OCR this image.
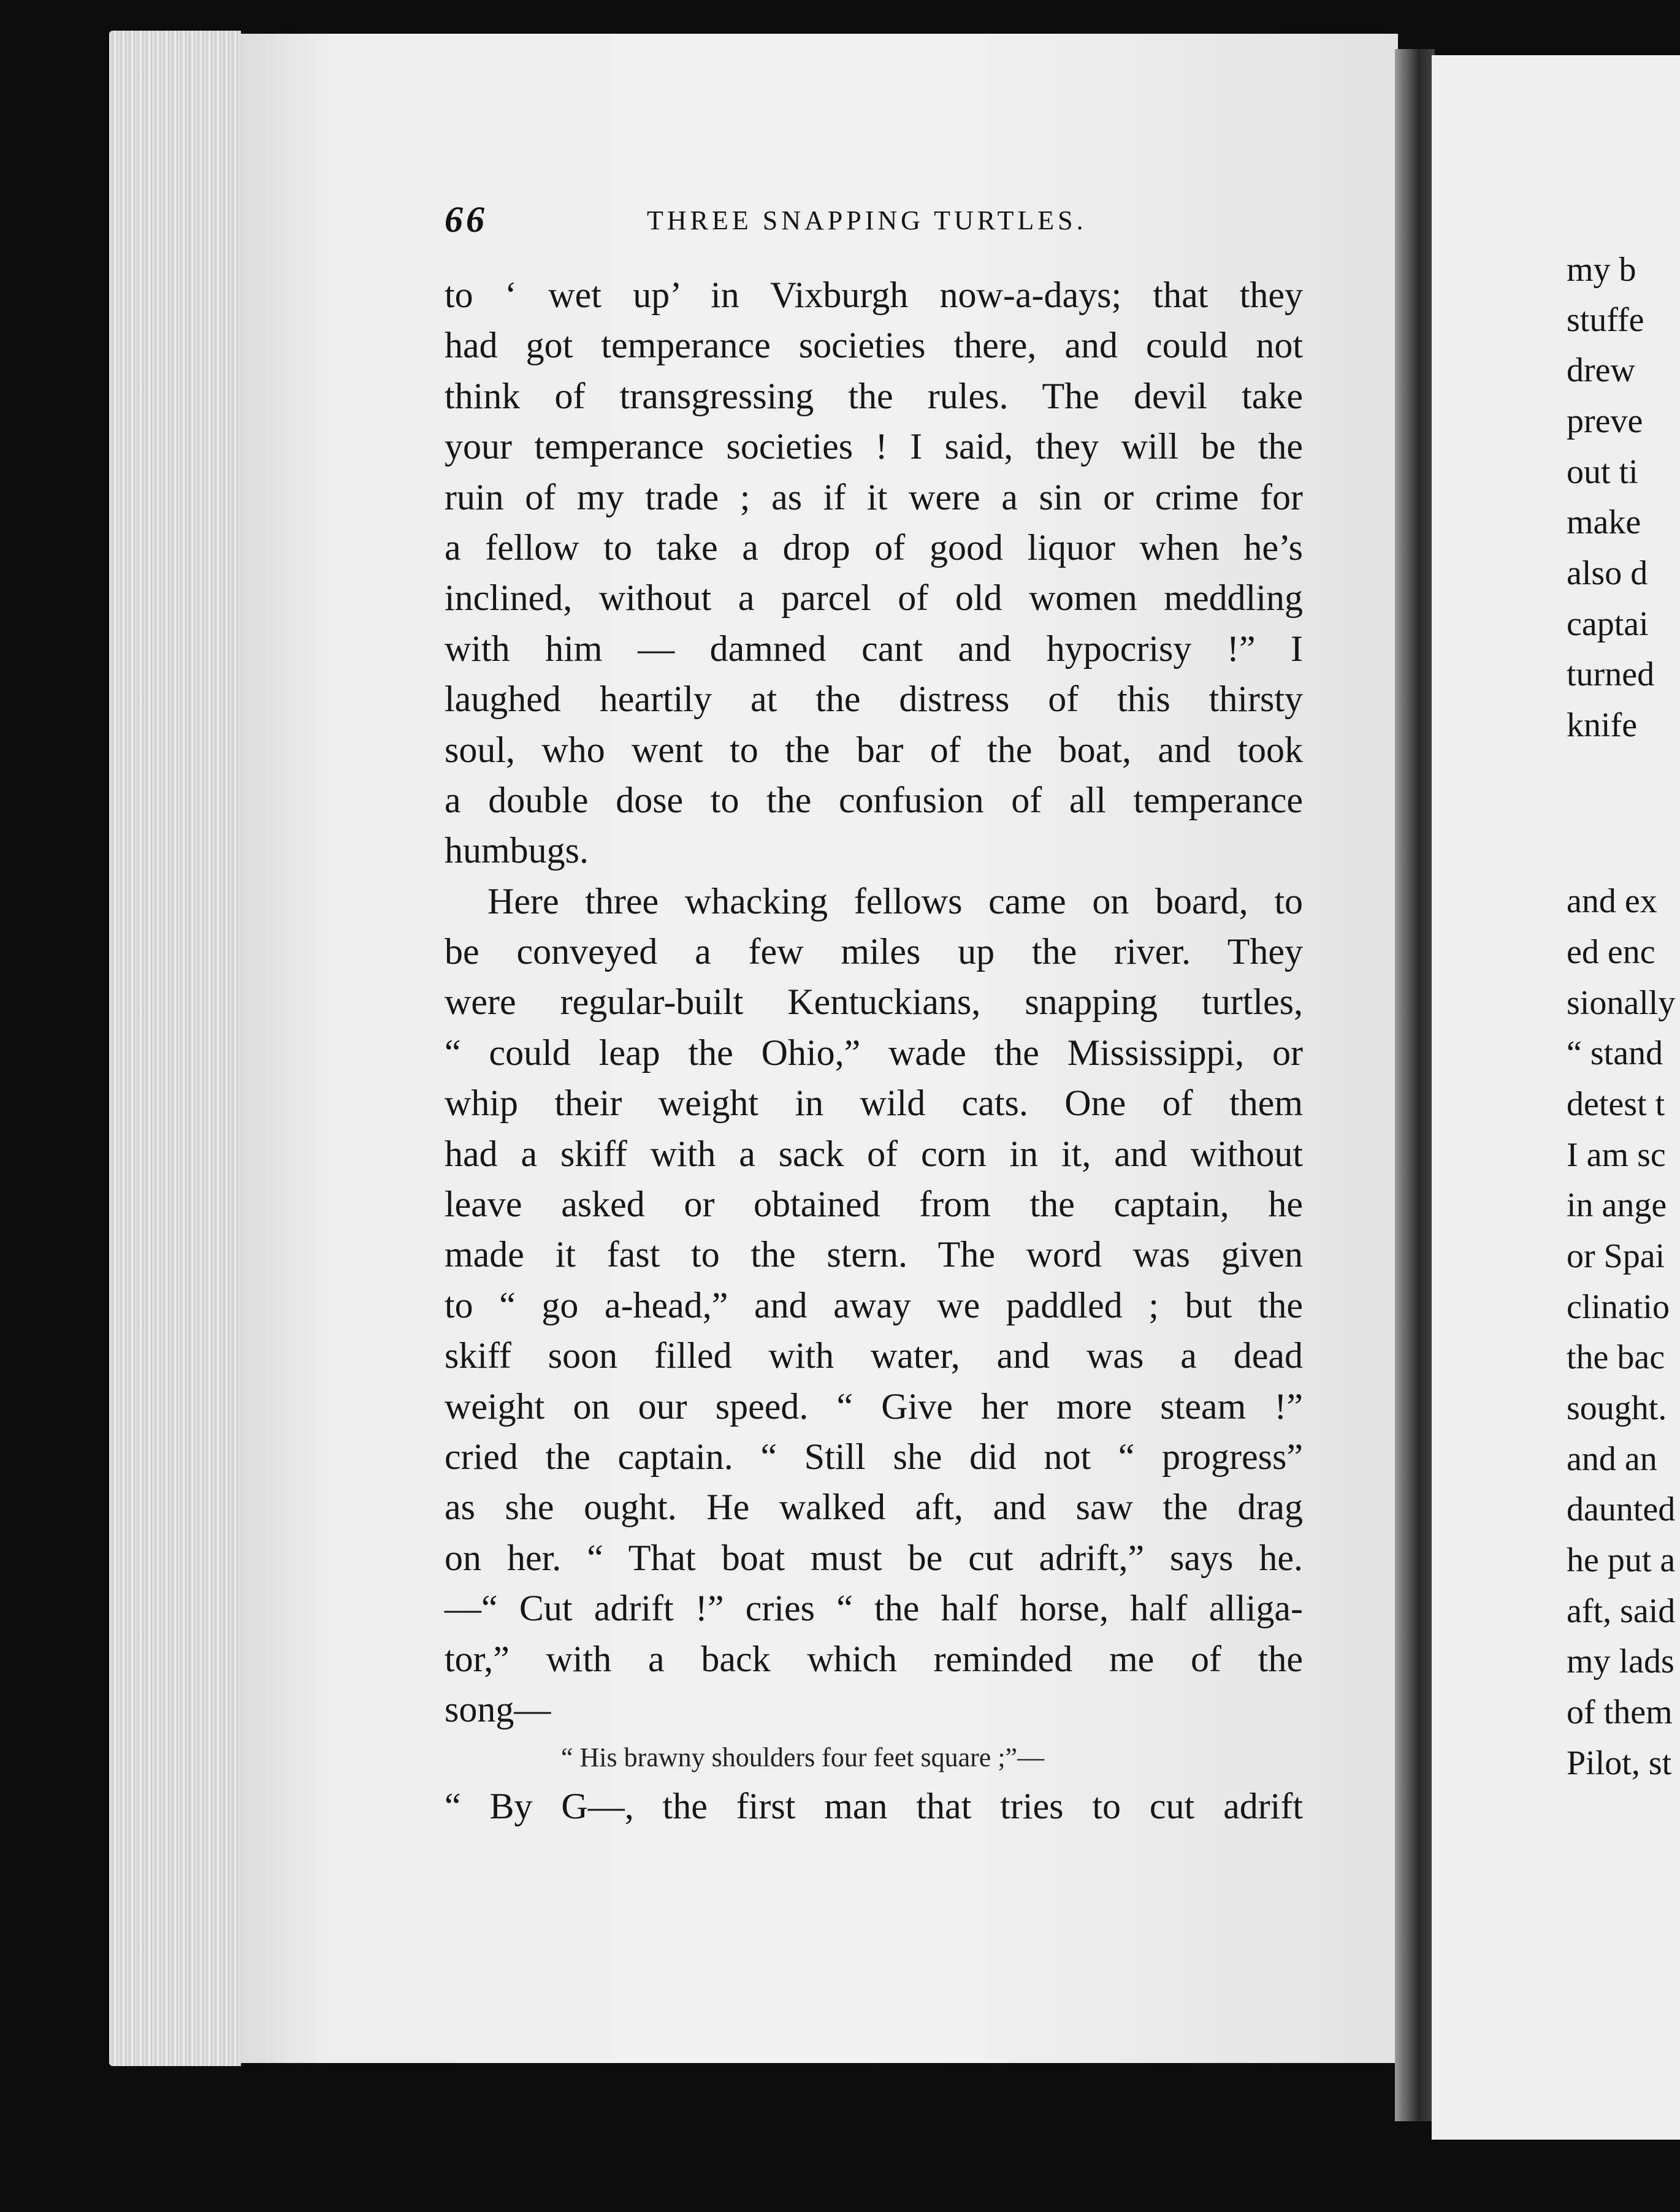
my b
stuffe
drew
preve
out ti
make
also d
captai
turned
knife
and ex
ed enc
sionally
“ stand
detest t
I am sc
in ange
or Spai
clinatio
the bac
sought.
and an
daunted
he put a
aft, said
my lads
of them
Pilot, st
66	THREE SNAPPING TURTLES.
to ‘ wet up’ in Vixburgh now-a-days; that they
had got temperance societies there, and could not
think of transgressing the rules. The devil take
your temperance societies ! I said, they will be the
ruin of my trade ; as if it were a sin or crime for
a fellow to take a drop of good liquor when he’s
inclined, without a parcel of old women meddling
with him — damned cant and hypocrisy !” I
laughed heartily at the distress of this thirsty
soul, who went to the bar of the boat, and took
a double dose to the confusion of all temperance
humbugs.
Here three whacking fellows came on board, to
be conveyed a few miles up the river. They
were regular-built Kentuckians, snapping turtles,
“ could leap the Ohio,” wade the Mississippi, or
whip their weight in wild cats. One of them
had a skiff with a sack of corn in it, and without
leave asked or obtained from the captain, he
made it fast to the stern. The word was given
to “ go a-head,” and away we paddled ; but the
skiff soon filled with water, and was a dead
weight on our speed. “ Give her more steam !”
cried the captain. “ Still she did not “ progress”
as she ought. He walked aft, and saw the drag
on her. “ That boat must be cut adrift,” says he.
—“ Cut adrift !” cries “ the half horse, half alliga-
tor,” with a back which reminded me of the
song—
“ His brawny shoulders four feet square ;”—
“ By G—, the first man that tries to cut adrift
